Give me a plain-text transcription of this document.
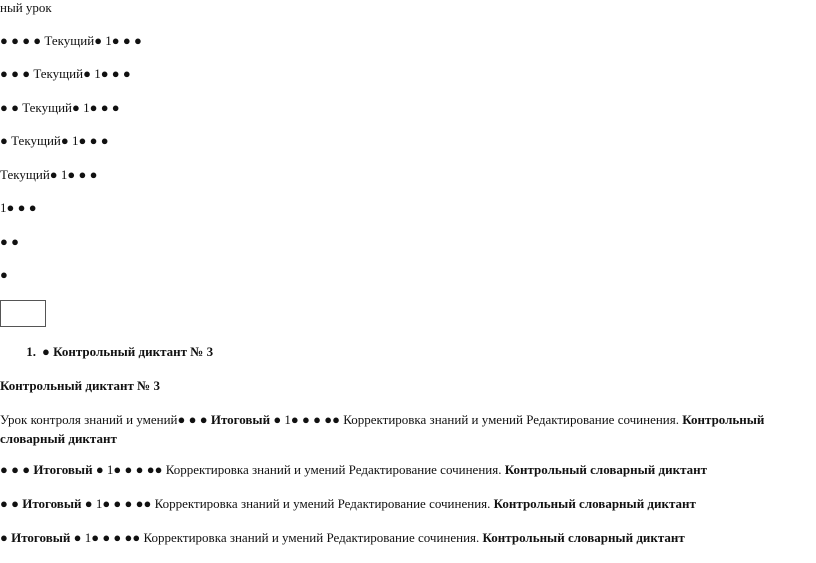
ный урок
● ● ● ● Текущий● 1● ● ●
● ● ● Текущий● 1● ● ●
● ● Текущий● 1● ● ●
● Текущий● 1● ● ●
Текущий● 1● ● ●
1● ● ●
● ●
●
1. ● Контрольный диктант № 3
Контрольный диктант № 3
Урок контроля знаний и умений● ● ● Итоговый ● 1● ● ● ●● Корректировка знаний и умений Редактирование сочинения. Контрольный словарный диктант
● ● ● Итоговый ● 1● ● ● ●● Корректировка знаний и умений Редактирование сочинения. Контрольный словарный диктант
● ● Итоговый ● 1● ● ● ●● Корректировка знаний и умений Редактирование сочинения. Контрольный словарный диктант
● Итоговый ● 1● ● ● ●● Корректировка знаний и умений Редактирование сочинения. Контрольный словарный диктант
